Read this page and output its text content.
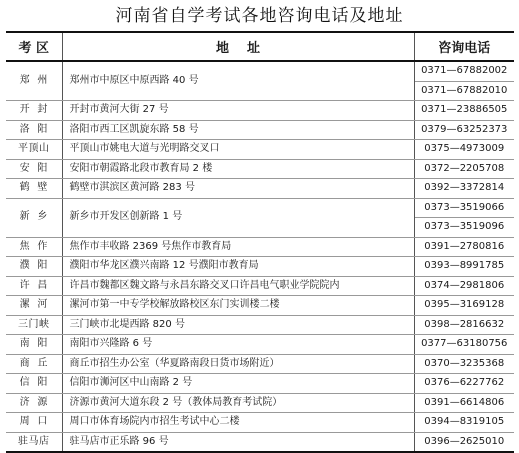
河南省自学考试各地咨询电话及地址
考 区	地    址	咨询电话
郑  州	郑州市中原区中原西路 40 号	0371—67882002
0371—67882010

开  封	开封市黄河大街 27 号	0371—23886505

洛  阳	洛阳市西工区凯旋东路 58 号	0379—63252373

平顶山	平顶山市姚电大道与光明路交叉口	0375—4973009

安  阳	安阳市朝霞路北段市教育局 2 楼	0372—2205708

鹤  壁	鹤壁市淇滨区黄河路 283 号	0392—3372814

新  乡	新乡市开发区创新路 1 号	0373—3519066
0373—3519096

焦  作	焦作市丰收路 2369 号焦作市教育局	0391—2780816

濮  阳	濮阳市华龙区濮兴南路 12 号濮阳市教育局	0393—8991785

许  昌	许昌市魏都区魏文路与永昌东路交叉口许昌电气职业学院院内	0374—2981806

漯  河	漯河市第一中专学校解放路校区东门实训楼二楼	0395—3169128

三门峡	三门峡市北堤西路 820 号	0398—2816632

南  阳	南阳市兴隆路 6 号	0377—63180756

商  丘	商丘市招生办公室（华夏路南段日货市场附近）	0370—3235368

信  阳	信阳市浉河区中山南路 2 号	0376—6227762

济  源	济源市黄河大道东段 2 号（教体局教育考试院）	0391—6614806

周  口	周口市体育场院内市招生考试中心二楼	0394—8319105

驻马店	驻马店市正乐路 96 号	0396—2625010
